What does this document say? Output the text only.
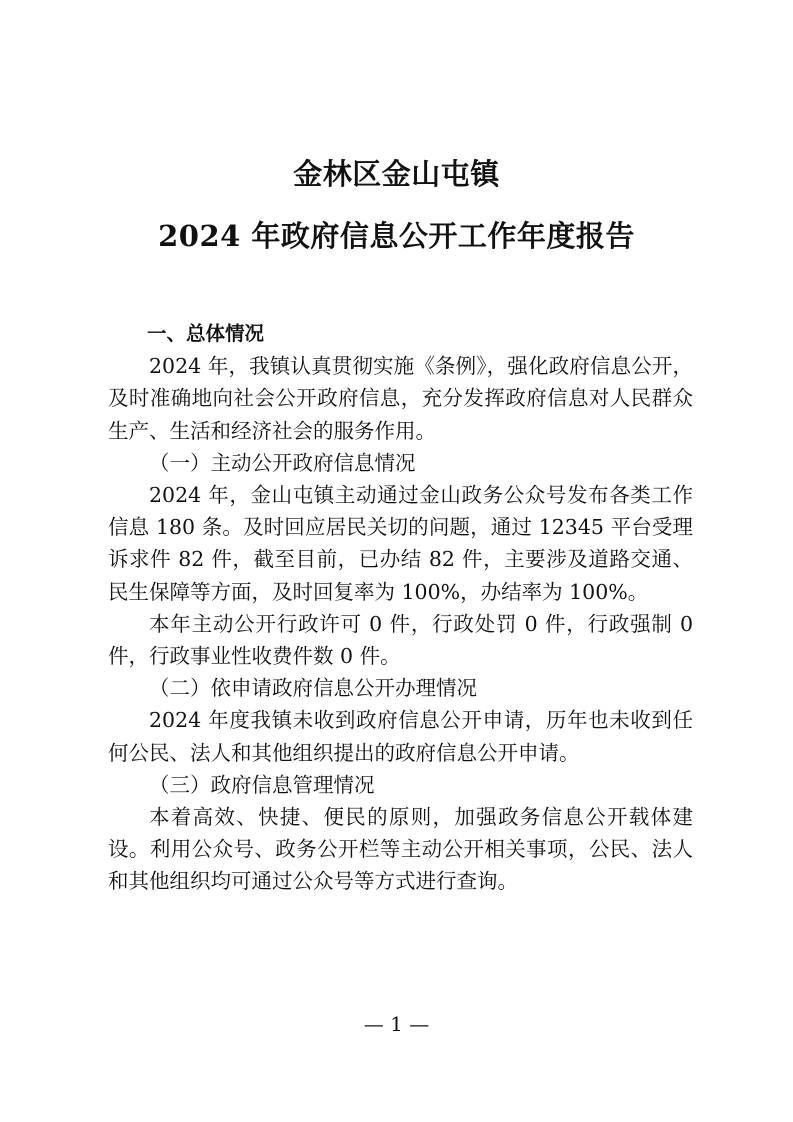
金林区金山屯镇
2024 年政府信息公开工作年度报告

一、总体情况

2024 年，我镇认真贯彻实施《条例》，强化政府信息公开，及时准确地向社会公开政府信息，充分发挥政府信息对人民群众生产、生活和经济社会的服务作用。

（一）主动公开政府信息情况

2024 年，金山屯镇主动通过金山政务公众号发布各类工作信息 180 条。及时回应居民关切的问题，通过 12345 平台受理诉求件 82 件，截至目前，已办结 82 件，主要涉及道路交通、民生保障等方面，及时回复率为 100%，办结率为 100%。

本年主动公开行政许可 0 件，行政处罚 0 件，行政强制 0 件，行政事业性收费件数 0 件。

（二）依申请政府信息公开办理情况

2024 年度我镇未收到政府信息公开申请，历年也未收到任何公民、法人和其他组织提出的政府信息公开申请。

（三）政府信息管理情况

本着高效、快捷、便民的原则，加强政务信息公开载体建设。利用公众号、政务公开栏等主动公开相关事项，公民、法人和其他组织均可通过公众号等方式进行查询。

— 1 —
